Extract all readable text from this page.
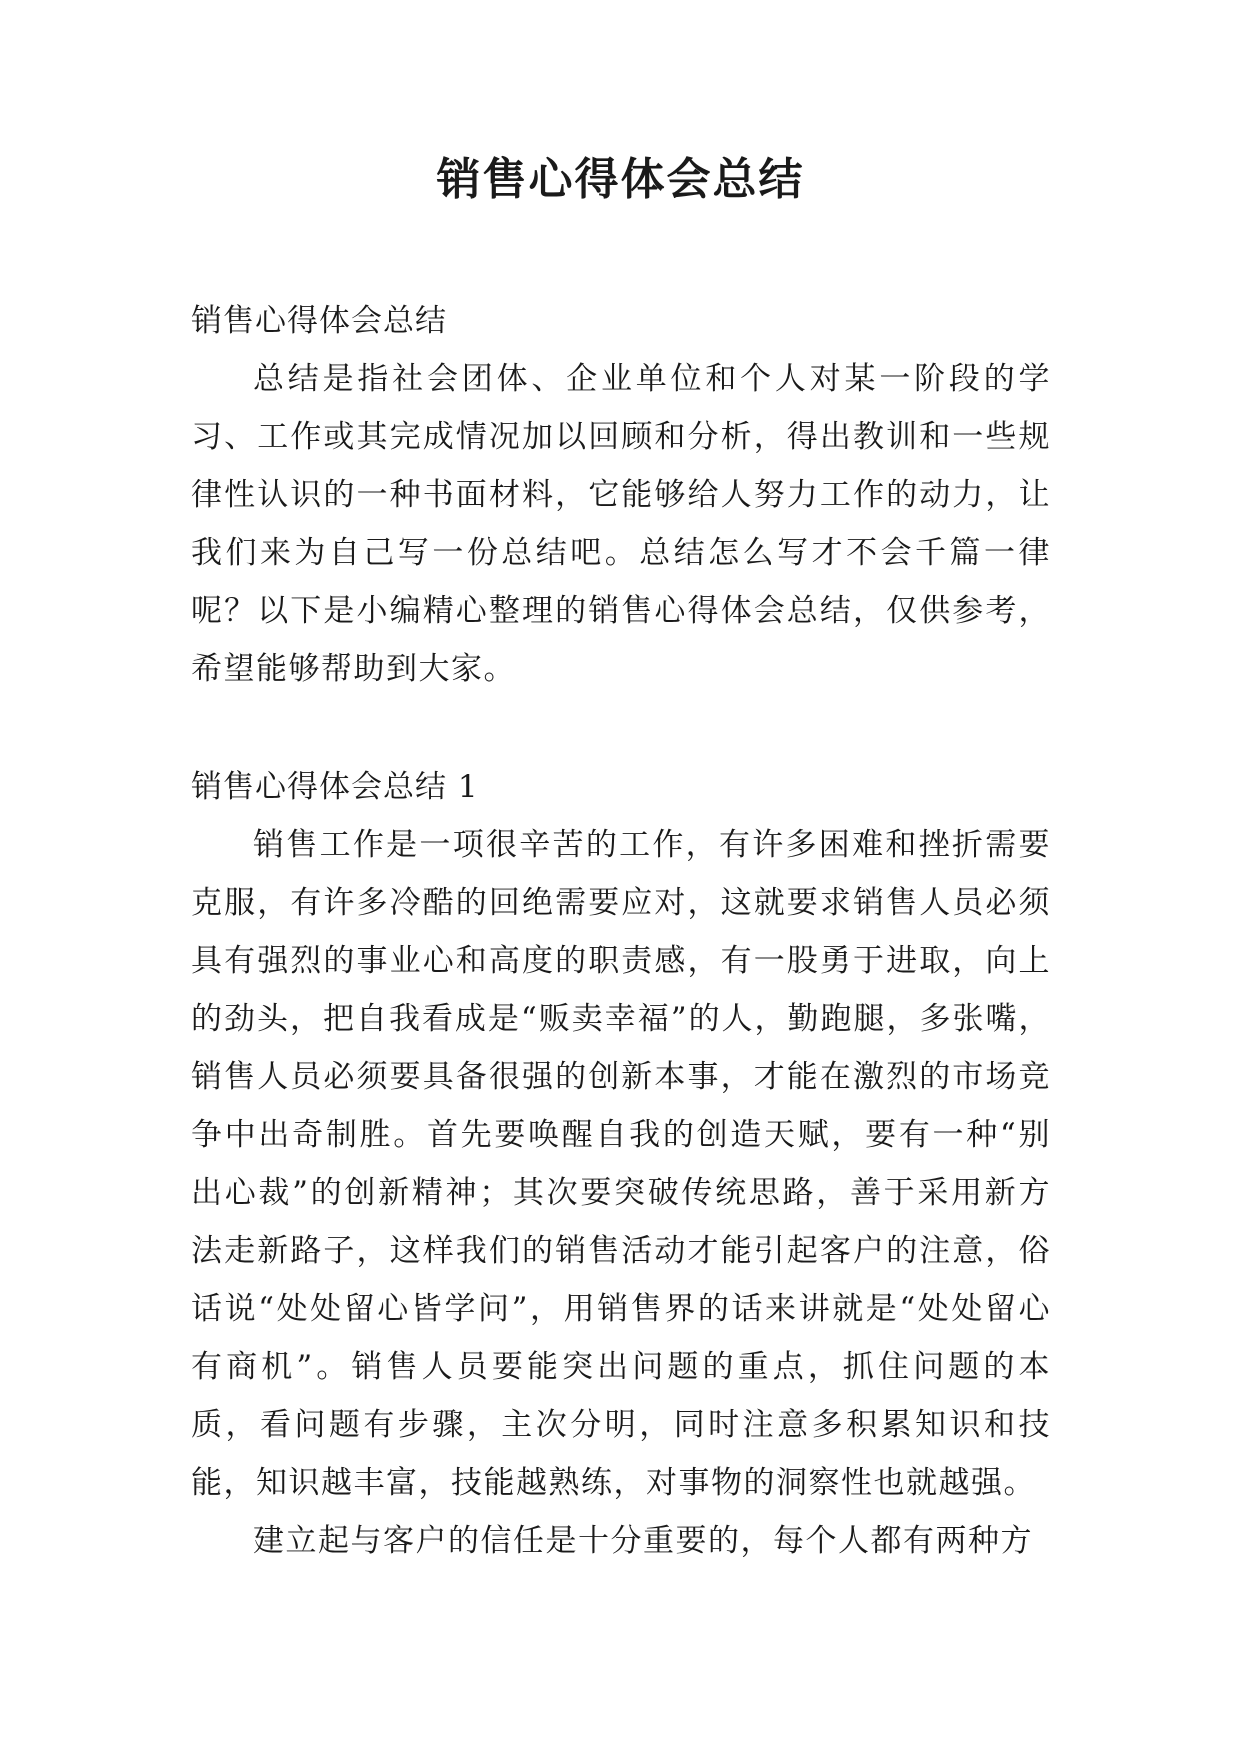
销售心得体会总结

销售心得体会总结

总结是指社会团体、企业单位和个人对某一阶段的学习、工作或其完成情况加以回顾和分析，得出教训和一些规律性认识的一种书面材料，它能够给人努力工作的动力，让我们来为自己写一份总结吧。总结怎么写才不会千篇一律呢？以下是小编精心整理的销售心得体会总结，仅供参考，希望能够帮助到大家。

销售心得体会总结 1

销售工作是一项很辛苦的工作，有许多困难和挫折需要克服，有许多冷酷的回绝需要应对，这就要求销售人员必须具有强烈的事业心和高度的职责感，有一股勇于进取，向上的劲头，把自我看成是“贩卖幸福”的人，勤跑腿，多张嘴，销售人员必须要具备很强的创新本事，才能在激烈的市场竞争中出奇制胜。首先要唤醒自我的创造天赋，要有一种“别出心裁”的创新精神；其次要突破传统思路，善于采用新方法走新路子，这样我们的销售活动才能引起客户的注意，俗话说“处处留心皆学问”，用销售界的话来讲就是“处处留心有商机”。销售人员要能突出问题的重点，抓住问题的本质，看问题有步骤，主次分明，同时注意多积累知识和技能，知识越丰富，技能越熟练，对事物的洞察性也就越强。

建立起与客户的信任是十分重要的，每个人都有两种方
